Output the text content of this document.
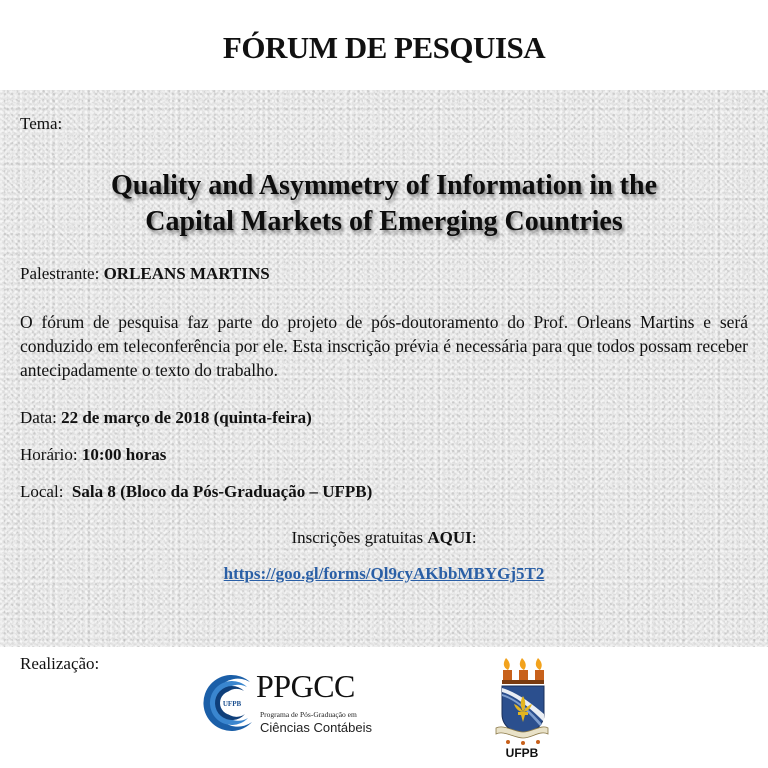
FÓRUM DE PESQUISA
Tema:
Quality and Asymmetry of Information in the
Capital Markets of Emerging Countries
Palestrante: ORLEANS MARTINS
O fórum de pesquisa faz parte do projeto de pós-doutoramento do Prof. Orleans Martins e será conduzido em teleconferência por ele. Esta inscrição prévia é necessária para que todos possam receber antecipadamente o texto do trabalho.
Data: 22 de março de 2018 (quinta-feira)
Horário: 10:00 horas
Local: Sala 8 (Bloco da Pós-Graduação – UFPB)
Inscrições gratuitas AQUI:
https://goo.gl/forms/Ql9cyAKbbMBYGj5T2
Realização:
UFPB PPGCC
Programa de Pós-Graduação em
Ciências Contábeis
UFPB
